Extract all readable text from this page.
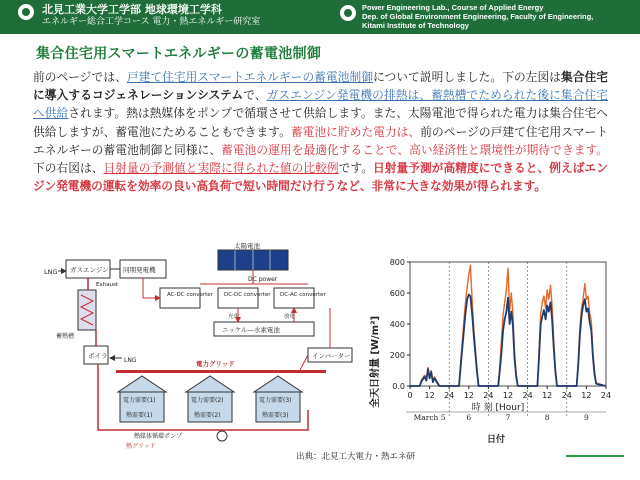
北見工業大学工学部 地球環境工学科
エネルギー総合工学コース 電力・熱エネルギー研究室
Power Engineering Lab., Course of Applied Energy
Dep. of Global Environment Engineering, Faculty of Engineering,
Kitami Institute of Technology
集合住宅用スマートエネルギーの蓄電池制御
前のページでは、戸建て住宅用スマートエネルギーの蓄電池制御について説明しました。下の左図は集合住宅に導入するコジェネレーションシステムで、ガスエンジン発電機の排熱は、蓄熱槽でためられた後に集合住宅へ供給されます。熱は熱媒体をポンプで循環させて供給します。また、太陽電池で得られた電力は集合住宅へ供給しますが、蓄電池にためることもできます。蓄電池に貯めた電力は、前のページの戸建て住宅用スマートエネルギーの蓄電池制御と同様に、蓄電池の運用を最適化することで、高い経済性と環境性が期待できます。下の右図は、日射量の予測値と実際に得られた値の比較例です。日射量予測が高精度にできると、例えばエンジン発電機の運転を効率の良い高負荷で短い時間だけ行うなど、非常に大きな効果が得られます。
LNG ガスエンジン 同期発電機
Exhaust
蓄熱槽
ボイラ
LNG
太陽電池
DC power
AC-DC converter DC-DC converter DC-AC converter
充電	放電
ニッケル―水素電池
インバーター
電力グリッド
電力需要(1)
熱需要(1)
電力需要(2)
熱需要(2)
電力需要(3)
熱需要(3)
熱媒体循環ポンプ
熱グリッド
全天日射量 [W/m²]	時 刻 [Hour]
日付
0.0
200
400
600
800
0 12 24 12 24 12 24 12 24 12 24
March 5	6	7	8	9
出典：北見工大電力・熱エネ研
